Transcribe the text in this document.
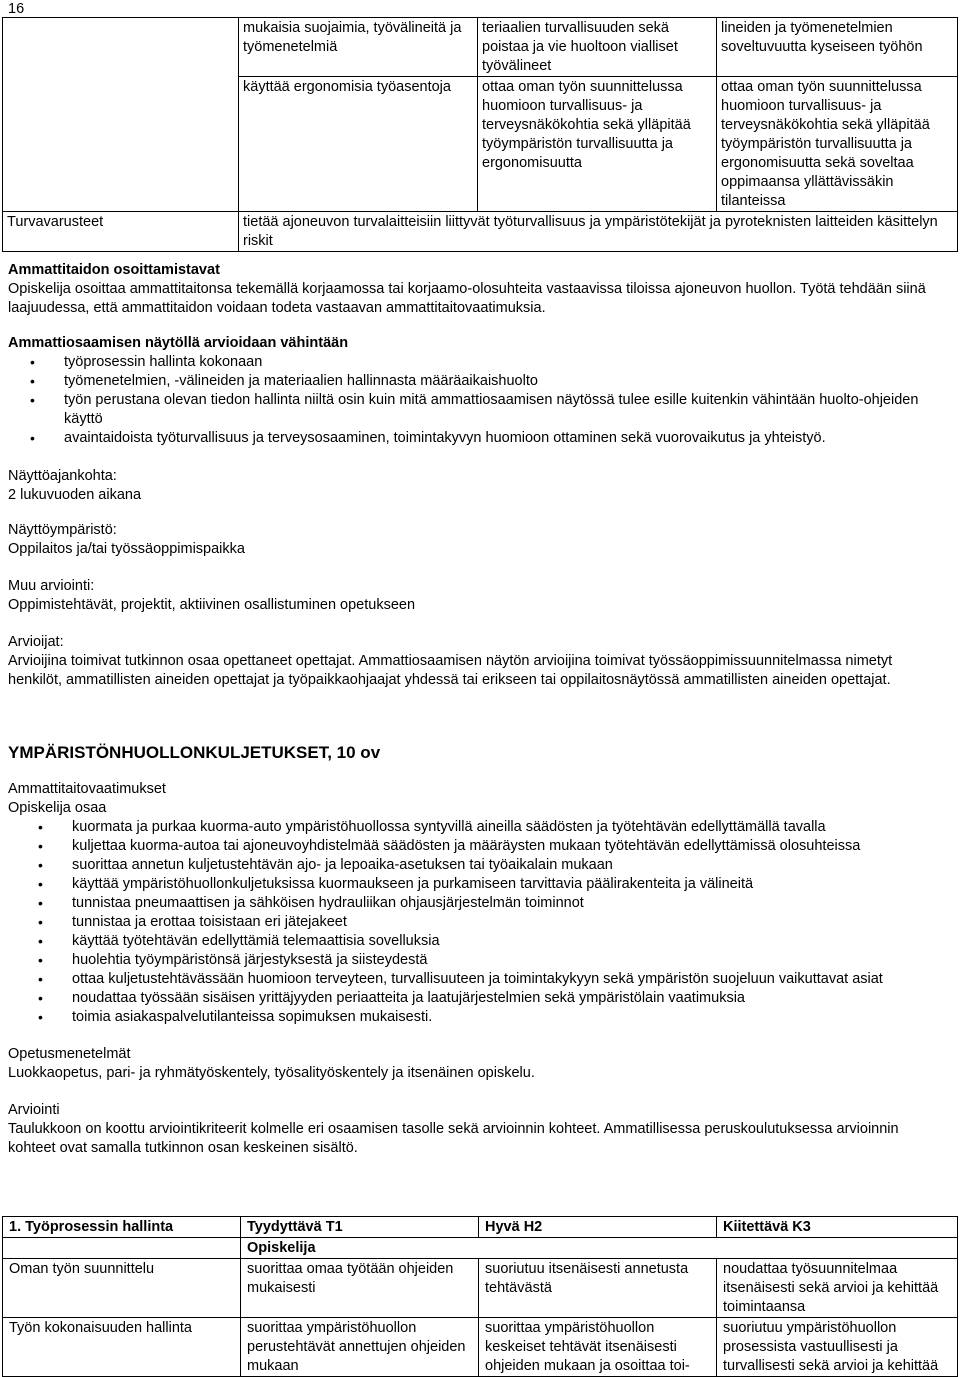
16
	mukaisia suojaimia, työvälineitä ja työmenetelmiä	teriaalien turvallisuuden sekä poistaa ja vie huoltoon vialliset työvälineet	lineiden ja työmenetelmien soveltuvuutta kyseiseen työhön
	käyttää ergonomisia työasentoja	ottaa oman työn suunnittelussa huomioon turvallisuus- ja terveysnäkökohtia sekä ylläpitää työympäristön turvallisuutta ja ergonomisuutta	ottaa oman työn suunnittelussa huomioon turvallisuus- ja terveysnäkökohtia sekä ylläpitää työympäristön turvallisuutta ja ergonomisuutta sekä soveltaa oppimaansa yllättävissäkin tilanteissa
Turvavarusteet	tietää ajoneuvon turvalaitteisiin liittyvät työturvallisuus ja ympäristötekijät ja pyroteknisten laitteiden käsittelyn riskit		
Ammattitaidon osoittamistavat
Opiskelija osoittaa ammattitaitonsa tekemällä korjaamossa tai korjaamo-olosuhteita vastaavissa tiloissa ajoneuvon huollon. Työtä tehdään siinä laajuudessa, että ammattitaidon voidaan todeta vastaavan ammattitaitovaatimuksia.
Ammattiosaamisen näytöllä arvioidaan vähintään
• työprosessin hallinta kokonaan
• työmenetelmien, -välineiden ja materiaalien hallinnasta määräaikaishuolto
• työn perustana olevan tiedon hallinta niiltä osin kuin mitä ammattiosaamisen näytössä tulee esille kuitenkin vähintään huolto-ohjeiden käyttö
• avaintaidoista työturvallisuus ja terveysosaaminen, toimintakyvyn huomioon ottaminen sekä vuorovaikutus ja yhteistyö.
Näyttöajankohta:
2 lukuvuoden aikana
Näyttöympäristö:
Oppilaitos ja/tai työssäoppimispaikka
Muu arviointi:
Oppimistehtävät, projektit, aktiivinen osallistuminen opetukseen
Arvioijat:
Arvioijina toimivat tutkinnon osaa opettaneet opettajat. Ammattiosaamisen näytön arvioijina toimivat työssäoppimissuunnitelmassa nimetyt henkilöt, ammatillisten aineiden opettajat ja työpaikkaohjaajat yhdessä tai erikseen tai oppilaitosnäytössä ammatillisten aineiden opettajat.
YMPÄRISTÖNHUOLLONKULJETUKSET, 10 ov
Ammattitaitovaatimukset
Opiskelija osaa
• kuormata ja purkaa kuorma-auto ympäristöhuollossa syntyvillä aineilla säädösten ja työtehtävän edellyttämällä tavalla
• kuljettaa kuorma-autoa tai ajoneuvoyhdistelmää säädösten ja määräysten mukaan työtehtävän edellyttämissä olosuhteissa
• suorittaa annetun kuljetustehtävän ajo- ja lepoaika-asetuksen tai työaikalain mukaan
• käyttää ympäristöhuollonkuljetuksissa kuormaukseen ja purkamiseen tarvittavia päälirakenteita ja välineitä
• tunnistaa pneumaattisen ja sähköisen hydrauliikan ohjausjärjestelmän toiminnot
• tunnistaa ja erottaa toisistaan eri jätejakeet
• käyttää työtehtävän edellyttämiä telemaattisia sovelluksia
• huolehtia työympäristönsä järjestyksestä ja siisteydestä
• ottaa kuljetustehtävässään huomioon terveyteen, turvallisuuteen ja toimintakykyyn sekä ympäristön suojeluun vaikuttavat asiat
• noudattaa työssään sisäisen yrittäjyyden periaatteita ja laatujärjestelmien sekä ympäristölain vaatimuksia
• toimia asiakaspalvelutilanteissa sopimuksen mukaisesti.
Opetusmenetelmät
Luokkaopetus, pari- ja ryhmätyöskentely, työsalityöskentely ja itsenäinen opiskelu.
Arviointi
Taulukkoon on koottu arviointikriteerit kolmelle eri osaamisen tasolle sekä arvioinnin kohteet. Ammatillisessa peruskoulutuksessa arvioinnin kohteet ovat samalla tutkinnon osan keskeinen sisältö.
1. Työprosessin hallinta	Tyydyttävä T1	Hyvä H2	Kiitettävä K3
	Opiskelija		
Oman työn suunnittelu	suorittaa omaa työtään ohjeiden mukaisesti	suoriutuu itsenäisesti annetusta tehtävästä	noudattaa työsuunnitelmaa itsenäisesti sekä arvioi ja kehittää toimintaansa
Työn kokonaisuuden hallinta	suorittaa ympäristöhuollon perustehtävät annettujen ohjeiden mukaan	suorittaa ympäristöhuollon keskeiset tehtävät itsenäisesti ohjeiden mukaan ja osoittaa toi-	suoriutuu ympäristöhuollon prosessista vastuullisesti ja turvallisesti sekä arvioi ja kehittää
